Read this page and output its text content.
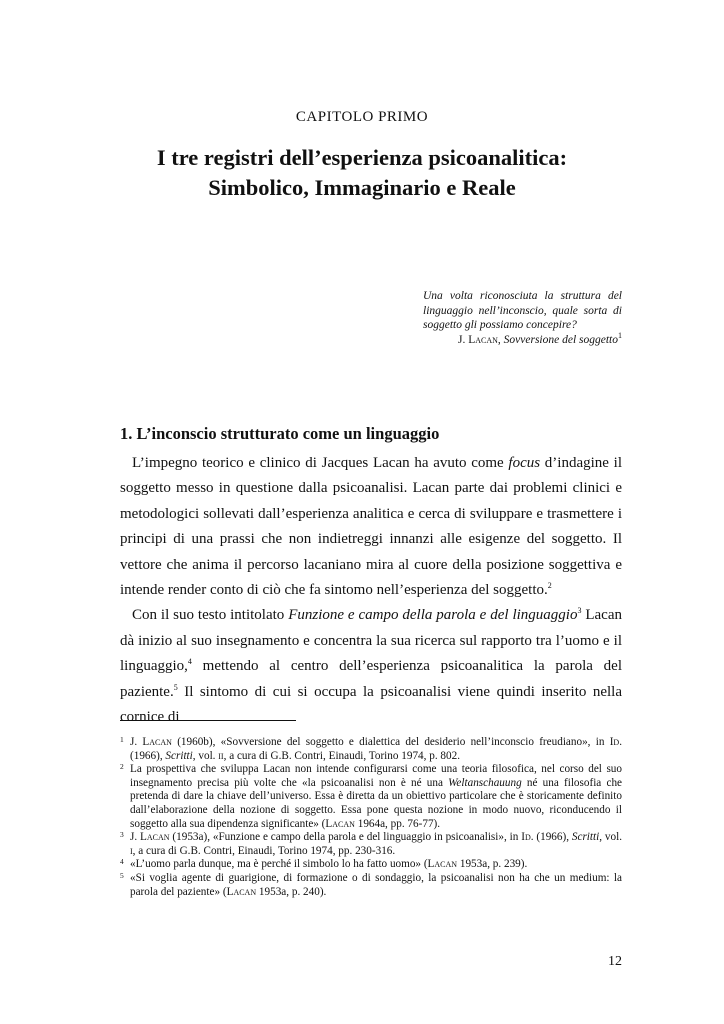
CAPITOLO PRIMO
I tre registri dell’esperienza psicoanalitica:
Simbolico, Immaginario e Reale
Una volta riconosciuta la struttura del linguaggio nell’inconscio, quale sorta di soggetto gli possiamo concepire?
J. Lacan, Sovversione del soggetto$^1$
1. L’inconscio strutturato come un linguaggio

L’impegno teorico e clinico di Jacques Lacan ha avuto come focus d’indagine il soggetto messo in questione dalla psicoanalisi. Lacan parte dai problemi clinici e metodologici sollevati dall’esperienza analitica e cerca di sviluppare e trasmettere i principi di una prassi che non indietreggi innanzi alle esigenze del soggetto. Il vettore che anima il percorso lacaniano mira al cuore della posizione soggettiva e intende render conto di ciò che fa sintomo nell’esperienza del soggetto.$^2$

Con il suo testo intitolato Funzione e campo della parola e del linguaggio$^3$ Lacan dà inizio al suo insegnamento e concentra la sua ricerca sul rapporto tra l’uomo e il linguaggio,$^4$ mettendo al centro dell’esperienza psicoanalitica la parola del paziente.$^5$ Il sintomo di cui si occupa la psicoanalisi viene quindi inserito nella cornice di

1 J. Lacan (1960b), «Sovversione del soggetto e dialettica del desiderio nell’inconscio freudiano», in Id. (1966), Scritti, vol. ii, a cura di G.B. Contri, Einaudi, Torino 1974, p. 802.

2 La prospettiva che sviluppa Lacan non intende configurarsi come una teoria filosofica, nel corso del suo insegnamento precisa più volte che «la psicoanalisi non è né una Weltanschauung né una filosofia che pretenda di dare la chiave dell’universo. Essa è diretta da un obiettivo particolare che è storicamente definito dall’elaborazione della nozione di soggetto. Essa pone questa nozione in modo nuovo, riconducendo il soggetto alla sua dipendenza significante» (Lacan 1964a, pp. 76-77).

3 J. Lacan (1953a), «Funzione e campo della parola e del linguaggio in psicoanalisi», in Id. (1966), Scritti, vol. i, a cura di G.B. Contri, Einaudi, Torino 1974, pp. 230-316.

4 «L’uomo parla dunque, ma è perché il simbolo lo ha fatto uomo» (Lacan 1953a, p. 239).

5 «Si voglia agente di guarigione, di formazione o di sondaggio, la psicoanalisi non ha che un medium: la parola del paziente» (Lacan 1953a, p. 240).

12
